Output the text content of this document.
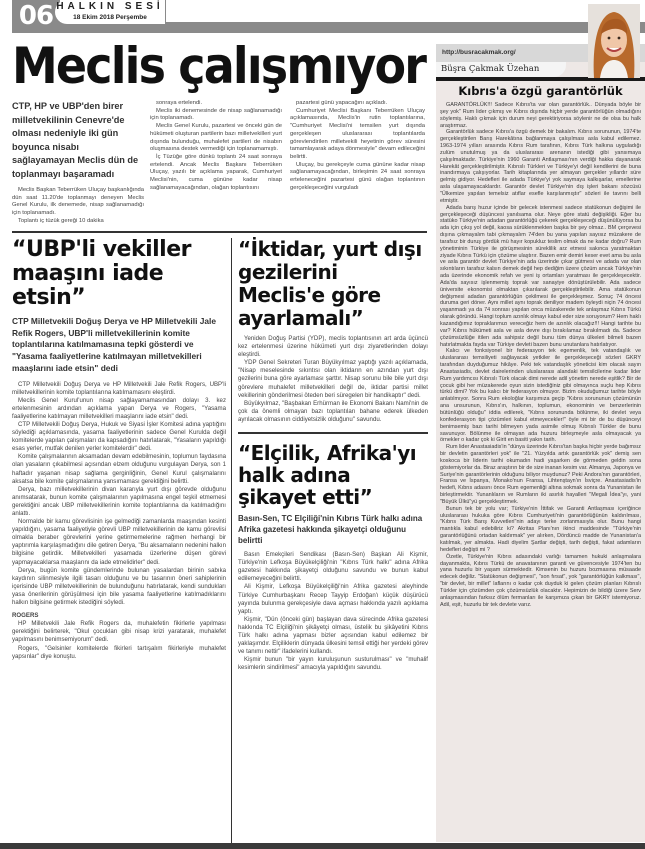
06 HALKIN SESİ
18 Ekim 2018 Perşembe
Meclis çalışmıyor
CTP, HP ve UBP'den birer milletvekilinin Cenevre'de olması nedeniyle iki gün boyunca nisabı sağlayamayan Meclis dün de toplanmayı başaramadı

Meclis Başkan Teberrüken Uluçay başkanlığında dün saat 11.20'de toplanmayı deneyen Meclis Genel Kurulu, ilk denemede, nisap sağlanamadığı için toplanamadı.

Toplantı iç tüzük gereği 10 dakika

sonraya ertelendi.

Meclis iki denemesinde de nisap sağlanamadığı için toplanamadı.

Meclis Genel Kurulu, pazartesi ve önceki gün de hükümeti oluşturan partilerin bazı milletvekilleri yurt dışında bulunduğu, muhalefet partileri de nisabın oluşmasına destek vermediği için toplanamamıştı.

İç Tüzüğe göre dünkü toplantı 24 saat sonraya ertelendi. Ancak Meclis Başkanı Teberrüken Uluçay, yazılı bir açıklama yaparak, Cumhuriyet Meclisi'nin, cuma gününe kadar nisap sağlanamayacağından, olağan toplantısını

pazartesi günü yapacağını açıkladı.

Cumhuriyet Meclisi Başkanı Teberrüken Uluçay açıklamasında, Meclis'in rutin toplantılarına, "Cumhuriyet Meclisi'ni temsilen yurt dışında gerçekleşen uluslararası toplantılarda görevlendirilen milletvekili heyetinin görev süresini tamamlayarak adaya dönmesiyle" devam edileceğini belirtti.

Uluçay, bu gerekçeyle cuma gününe kadar nisap sağlanamayacağından, birleşimin 24 saat sonraya erteleneceğini pazartesi günü olağan toplantının gerçekleşeceğini vurguladı

“UBP'li vekiller maaşını iade etsin”
CTP Milletvekili Doğuş Derya ve HP Milletvekili Jale Refik Rogers, UBP'li milletvekillerinin komite toplantılarına katılmamasına tepki gösterdi ve "Yasama faaliyetlerine katılmayan milletvekilleri maaşlarını iade etsin" dedi

CTP Milletvekili Doğuş Derya ve HP Milletvekili Jale Refik Rogers, UBP'li milletvekillerinin komite toplantılarına katılmamasını eleştirdi.

Meclis Genel Kurul'unun nisap sağlayamamasından dolayı 3. kez ertelenmesinin ardından açıklama yapan Derya ve Rogers, "Yasama faaliyetlerine katılmayan milletvekilleri maaşlarını iade etsin" dedi.

CTP Milletvekili Doğuş Derya, Hukuk ve Siyasi İşler Komitesi adına yaptığını söylediği açıklamasında, yasama faaliyetlerinin sadece Genel Kurulda değil komitelerde yapılan çalışmaları da kapsadığını hatırlatarak, "Yasaların yapıldığı esas yerler, mutfak denilen yerler komitelerdir" dedi.

Komite çalışmalarının aksamadan devam edebilmesinin, toplumun faydasına olan yasaların çıkabilmesi açısından elzem olduğunu vurgulayan Derya, son 1 haftadır yaşanan nisap sağlama gerginliğinin, Genel Kurul çalışmalarını aksatsa bile komite çalışmalarına yansımaması gerektiğini belirtti.

Derya, bazı milletvekillerinin divan kararıyla yurt dışı görevde olduğunu anımsatarak, bunun komite çalışmalarının yapılmasına engel teşkil etmemesi gerektiğini ancak UBP milletvekillerinin komite toplantılarına da katılmadığını anlattı.

Normalde bir kamu görevlisinin işe gelmediği zamanlarda maaşından kesinti yapıldığını, yasama faaliyetiyle görevli UBP milletvekillerinin de kamu görevlisi olmakla beraber görevlerini yerine getirmemelerine rağmen herhangi bir yaptırımla karşılaşmadığını dile getiren Derya, "Bu aksamaların nedenini halkın bilgisine getirdik. Milletvekilleri yasamada üzerlerine düşen görevi yapmayacaklarsa maaşlarını da iade etmelidirler" dedi.

Derya, bugün komite gündemlerinde bulunan yasalardan birinin sabıka kaydının silinmesiyle ilgili tasarı olduğunu ve bu tasarının öneri sahiplerinin içerisinde UBP milletvekillerinin de bulunduğunu hatırlatarak, kendi sundukları yasa önerilerinin görüşülmesi için bile yasama faaliyetlerine katılmadıklarını halkın bilgisine getirmek istediğini söyledi.

ROGERS

HP Milletvekili Jale Refik Rogers da, muhalefetin fikirlerle yapılması gerektiğini belirterek, "Okul çocukları gibi nisap krizi yaratarak, muhalefet yapılmasını benimsemiyorum" dedi.

Rogers, "Gelsinler komitelerde fikirleri tartışalım fikirleriyle muhalefet yapsınlar" diye konuştu.

“İktidar, yurt dışı gezilerini Meclis'e göre ayarlamalı”

Yeniden Doğuş Partisi (YDP), meclis toplantısının art arda üçüncü kez ertelenmesi üzerine hükümeti yurt dışı ziyaretlerinden dolayı eleştirdi.

YDP Genel Sekreteri Turan Büyükyılmaz yaptığı yazılı açıklamada, "Nisap meselesinde sıkıntısı olan iktidarın en azından yurt dışı gezilerini buna göre ayarlaması şarttır. Nisap sorunu bile bile yurt dışı görevlere muhalefet milletvekilleri değil de, iktidar partisi millet vekillerinin gönderilmesi öteden beri süregelen bir handikaptır" dedi.

Büyükyılmaz, "Başbakan Erhürman ile Ekonomi Bakanı Nami'nin de çok da önemli olmayan bazı toplantıları bahane ederek ülkeden ayrılacak olmasının ciddiyetsizlik olduğunu" savundu.

“Elçilik, Afrika'yı halk adına şikayet etti”
Basın-Sen, TC Elçiliği'nin Kıbrıs Türk halkı adına Afrika gazetesi hakkında şikayetçi olduğunu belirtti

Basın Emekçileri Sendikası (Basın-Sen) Başkan Ali Kişmir, Türkiye'nin Lefkoşa Büyükelçiliği'nin "Kıbrıs Türk halkı" adına Afrika gazetesi hakkında şikayetçi olduğunu savundu ve bunun kabul edilemeyeceğini belirtti.

Ali Kişmir, Lefkoşa Büyükelçiliği'nin Afrika gazetesi aleyhinde Türkiye Cumhurbaşkanı Recep Tayyip Erdoğan'ı küçük düşürücü yayında bulunma gerekçesiyle dava açması hakkında yazılı açıklama yaptı.

Kişmir, "Dün (önceki gün) başlayan dava sürecinde Afrika gazetesi hakkında TC Elçiliği'nin şikâyetçi olması, üstelik bu şikâyetini Kıbrıs Türk halkı adına yapması bizler açısından kabul edilemez bir yaklaşımdır. Elçiliklerin dünyada ülkesini temsil ettiği her yerdeki görev ve tanımı nettir" ifadelerini kullandı.

Kişmir bunun "bir yayın kuruluşunun susturulması" ve "muhalif kesimlerin sindirilmesi" amacıyla yapıldığını savundu.

http://busracakmak.org/
Büşra Çakmak Üzehan
Kıbrıs'a özgü garantörlük

GARANTÖRLÜK!!! Sadece Kıbrıs'ta var olan garantörlük.. Dünyada böyle bir şey yok" Rum lider çıkmış ve Kıbrıs dışında hiçbir yerde garantörlüğün olmadığını söylemiş. Haklı çıkmak için durum neyi gerektiriyorsa söylenir ne de olsa bu halk araştırmaz.

Garantörlük sadece Kıbrıs'a özgü demek bir bakalım. Kıbrıs sorununun, 1974'te gerçekleştirilen Barış Harekâtına bağlanmaya çalışılması asla kabul edilemez. 1963-1974 yılları arasında Kıbrıs Rum tarafının, Kıbrıs Türk halkına uyguladığı zulüm unutulmuş ya da uluslararası arenanın istediği gibi yansımaya çalışılmaktadır. Türkiye'nin 1960 Garanti Antlaşması'nın verdiği hakka dayanarak Harekât gerçekleştirilmiştir. Kıbrıslı Türkleri ve Türkiye'yi değil kendilerini de buna inandırmaya çalışıyorlar. Tarih kitaplarında yer almayan gerçekler yıllardır süre gelmiş gidiyor. Hedefleri ile adada Türkiye'yi yok saymaya kalkışarlar, emellerine asla ulaşamayacaklardır. Garantör devlet Türkiye'nin dış işleri bakanı sözcüsü "Ülkemize yapılan temelsiz atıflar esefle karşılanmıştır" sözleri ile tavrını belli etmiştir.

Adada barış huzur içinde bir gelecek istenmesi sadece statükonun değişimi ile gerçekleşeceği düşüncesi yanılsama olur. Neye göre statü değişikliği. Eğer bu statüko Türkiye'nin adadan garantörlüğü çekerek gerçekleşeceği düşünülüyorsa bu ada için çıkış yol değil, kaosa sürüklenmekten başka bir şey olmaz.. BM çerçevesi dışına çıkmayalım tabi çıkmayalım 74'den bu yana yapılan sayısız müzakere de tarafsız bir duruş gördük mü hayır kopukluz teslim olmak da ne kadar doğru? Rum yönetiminin Türkiye ile görüşmesinin süreklilik arz etmesi sakınca yaratmaktan ziyade Kıbrıs Türkü için çözüme ulaştırır. Bazen emir demiri keser evet ama bu asla ve asla garantör devlet Türkiye'nin ada üzerinde çıkar gütmesi ve adada var olan sıkıntıların tarafsız kalsın demek değil hep dediğim üzere çözüm ancak Türkiye'nin ada üzerinde ekonomik refah ve yeni iş ortamları yaratması ile gerçekleşecektir. Ada'da sayısız işlenmemiş toprak var sanayiye dönüştürülebilir. Ada sadece üniversite ekonomisi olmaktan çıkarılarak gerçekleştirilebilir. Ama statükonun değişmesi adadan garantörlüğün çekilmesi ile gerçekleşmez. Sonuç 74 öncesi duruma geri döner. Aynı millet aynı toprak deniliyor madem öyleydi niçin 74 öncesi yaşanmadı ya da 74 sonrası yapılan onca müzakerede tek anlaşmaz Kıbrıs Türkü olarak göründü. Hangi toplum azınlık olmayı kabul eder size soruyorum? Hem haklı kazandığımız topraklarımızı vereceğiz hem de azınlık olacağız!!! Hangi tarihte bu var? Kıbrıs hükümeti asla ve asla devre dışı bırakılamaz bırakılmadı da. Sadece çözümsüzlüğe itilen ada sahipsiz değil bunu tüm dünya ülkeleri bilmeli bazen hatırlatmakta fayda var Türkiye devleti bazen bunu unutanlara hatırlatıyor.

Kalıcı ve fonksiyonel bir federasyon tek egemenlik, tek vatandaşlık ve uluslararası temsiliyeti sağlayacak yetkiler ile gerçekleşeceği sözleri GKRY tarafından duyduğumuz hikâye. Peki tek vatandaşlık yöneticisi kim olacak sayın Anastasiadis, devlet dairelerinden uluslararası alandaki temsilcilerine kadar lider Rum yardımcısı Kıbrıslı Türk olacak dimi nerede adil yönetim nerede eşitlik? Bir de çocuk gibi her müzakerede oyun sizin istediğiniz gibi olmayınca suçlu hep Kıbrıs türkü dimi? Yok bu kalıcı bir federasyon olmuyor. Bizim okuduğumuz tarihte böyle anlatılmıyor. Sonra Rum ekoloğlar karşımıza geçip "Kıbrıs sorununun çözümünün ana unsurunun, Kıbrıs'ın, halkının, toplumun, ekonominin ve benzerlerinin bütünlüğü olduğu" iddia edilerek, "Kıbrıs sorununda bölünme, iki devlet veya konfederasyon tipi çözümleri kabul etmeyecekler!" öyle mi bir de bu düşünceyi benimsemiş bazı tarihi bilmeyen yada asimile olmuş Kıbrıslı Türkler de bunu savunuyor. Bölünme ile olmayan ada huzuru birleşmeyle asla olmayacak ya örnekler o kadar çok ki Girit en basiti yakın tarih.

Rum lider Anastasiadis'in "dünya üzerinde Kıbrıs'tan başka hiçbir yerde bağımsız bir devletin garantörleri yok" ile "21. Yüzyılda artık garantörlük yok" demiş sen koskoca bir liderin tarihi okumadın hadi yaşarken de görmeden geldin sona göstemiyorlar da. Biraz araştırın bir de size inanan kesim var. Almanya, Japonya ve Suriye'nin garantörlerinin olduğunu biliyor muydunuz? Peki Andora'nın garantörleri, Fransa ve İspanya, Monako'nun Fransa, Lihtenştayn'ın İsviçre. Anastasiadis'in hedefi, Kıbrıs adasını önce Rum egemenliği altına sokmak sonra da Yunanistan ile birleştirmektir. Yunanlıların ve Rumların iki asırlık hayalleri "Megali İdea"yı, yani "Büyük Ülkü"yü gerçekleştirmek.

Bunun tek bir yolu var; Türkiye'nin İttifak ve Garanti Antlaşması içeriğince uluslararası hukuka göre Kıbrıs Cumhuriyeti'nin garantörlüğünün kaldırılması, "Kıbrıs Türk Barış Kuvvetleri"nin adayı terke zorlanmasıyla olur. Bunu hangi mantıkla kabul edebiliriz ki? Akritas Planı'nın ikinci maddesinde "Türkiye'nin garantörlüğünü ortadan kaldırmak" yer alırken, Dördüncü madde de Yunanistan'a katılmak, yer almakta. Hadi diyelim Şartlar değişti, tarih değişti, fakat adamların hedefleri değişti mi ?

Özetle, Türkiye'nin Kıbrıs adasındaki varlığı tamamen hukuki anlaşmalara dayanmakta, Kıbrıs Türkü de anavatanının garanti ve güvencesiyle 1974'ten bu yana huzurlu bir yaşam sürmektedir. Kimsenin bu huzuru bozmasına müsaade edecek değiliz. "Statükonun değişmesi", "son fırsat", yok "garantörlüğün kalkması", "bir devlet, bir millet" laflarını o kadar çok duyduk ki gelen çözüm planları Kıbrıslı Türkler için çözümden çok çözümsüzlük olacaktır. Hepimizin de bildiği üzere Serv anlaşmasından farksız ölüm fermanları ile karşımıza çıkan bir GKRY istemiyoruz. Adil, eşit, huzurlu bir tek devlete varız.
